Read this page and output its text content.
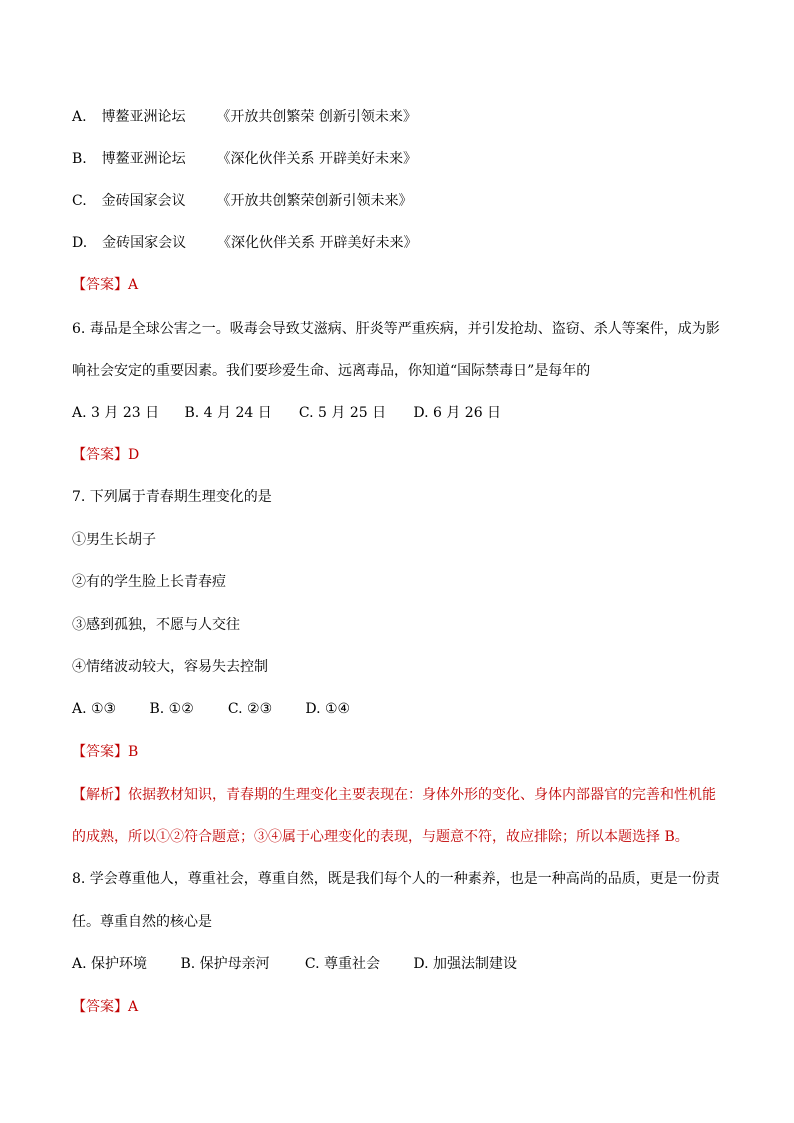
A. 博鳌亚洲论坛 《开放共创繁荣 创新引领未来》
B. 博鳌亚洲论坛 《深化伙伴关系 开辟美好未来》
C. 金砖国家会议 《开放共创繁荣创新引领未来》
D. 金砖国家会议 《深化伙伴关系 开辟美好未来》
【答案】A
6. 毒品是全球公害之一。吸毒会导致艾滋病、肝炎等严重疾病，并引发抢劫、盗窃、杀人等案件，成为影
响社会安定的重要因素。我们要珍爱生命、远离毒品，你知道“国际禁毒日”是每年的
A. 3 月 23 日 B. 4 月 24 日 C. 5 月 25 日 D. 6 月 26 日
【答案】D
7. 下列属于青春期生理变化的是
①男生长胡子
②有的学生脸上长青春痘
③感到孤独，不愿与人交往
④情绪波动较大，容易失去控制
A. ①③ B. ①② C. ②③ D. ①④
【答案】B
【解析】依据教材知识，青春期的生理变化主要表现在：身体外形的变化、身体内部器官的完善和性机能
的成熟，所以①②符合题意；③④属于心理变化的表现，与题意不符，故应排除；所以本题选择 B。
8. 学会尊重他人，尊重社会，尊重自然，既是我们每个人的一种素养，也是一种高尚的品质，更是一份责
任。尊重自然的核心是
A. 保护环境 B. 保护母亲河	C. 尊重社会 D. 加强法制建设
【答案】A
